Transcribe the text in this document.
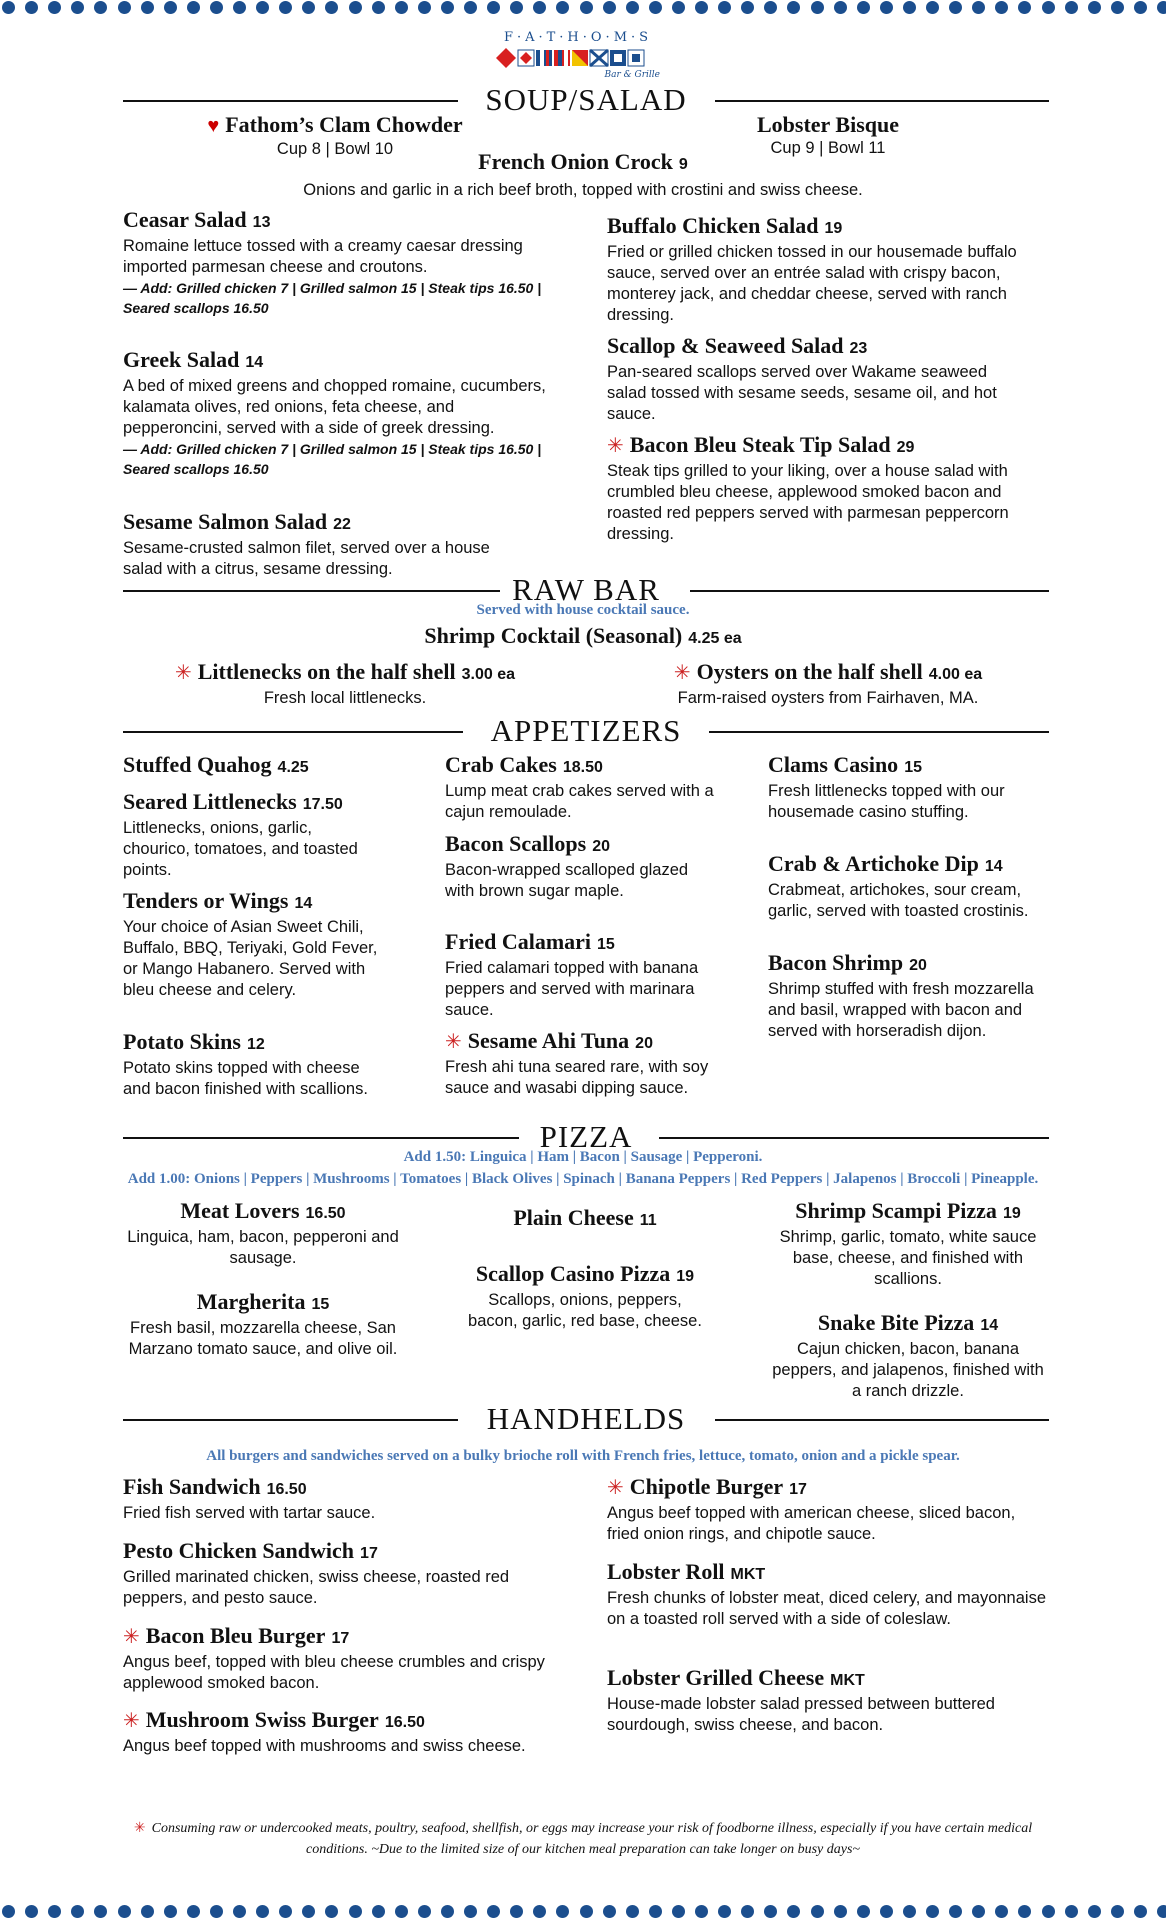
F·A·T·H·O·M·S
Bar & Grille
SOUP/SALAD
♥ Fathom’s Clam Chowder
Cup 8 | Bowl 10
Lobster Bisque
Cup 9 | Bowl 11
French Onion Crock 9
Onions and garlic in a rich beef broth, topped with crostini and swiss cheese.
Ceasar Salad 13
Romaine lettuce tossed with a creamy caesar dressing imported parmesan cheese and croutons.
— Add: Grilled chicken 7 | Grilled salmon 15 | Steak tips 16.50 | Seared scallops 16.50
Greek Salad 14
A bed of mixed greens and chopped romaine, cucumbers, kalamata olives, red onions, feta cheese, and pepperoncini, served with a side of greek dressing.
— Add: Grilled chicken 7 | Grilled salmon 15 | Steak tips 16.50 | Seared scallops 16.50
Sesame Salmon Salad 22
Sesame-crusted salmon filet, served over a house salad with a citrus, sesame dressing.
Buffalo Chicken Salad 19
Fried or grilled chicken tossed in our housemade buffalo sauce, served over an entrée salad with crispy bacon, monterey jack, and cheddar cheese, served with ranch dressing.
Scallop & Seaweed Salad 23
Pan-seared scallops served over Wakame seaweed salad tossed with sesame seeds, sesame oil, and hot sauce.
✳ Bacon Bleu Steak Tip Salad 29
Steak tips grilled to your liking, over a house salad with crumbled bleu cheese, applewood smoked bacon and roasted red peppers served with parmesan peppercorn dressing.
RAW BAR
Served with house cocktail sauce.
Shrimp Cocktail (Seasonal) 4.25 ea
✳ Littlenecks on the half shell 3.00 ea
Fresh local littlenecks.
✳ Oysters on the half shell 4.00 ea
Farm-raised oysters from Fairhaven, MA.
APPETIZERS
Stuffed Quahog 4.25
Seared Littlenecks 17.50
Littlenecks, onions, garlic, chourico, tomatoes, and toasted points.
Tenders or Wings 14
Your choice of Asian Sweet Chili, Buffalo, BBQ, Teriyaki, Gold Fever, or Mango Habanero. Served with bleu cheese and celery.
Potato Skins 12
Potato skins topped with cheese and bacon finished with scallions.
Crab Cakes 18.50
Lump meat crab cakes served with a cajun remoulade.
Bacon Scallops 20
Bacon-wrapped scalloped glazed with brown sugar maple.
Fried Calamari 15
Fried calamari topped with banana peppers and served with marinara sauce.
✳ Sesame Ahi Tuna 20
Fresh ahi tuna seared rare, with soy sauce and wasabi dipping sauce.
Clams Casino 15
Fresh littlenecks topped with our housemade casino stuffing.
Crab & Artichoke Dip 14
Crabmeat, artichokes, sour cream, garlic, served with toasted crostinis.
Bacon Shrimp 20
Shrimp stuffed with fresh mozzarella and basil, wrapped with bacon and served with horseradish dijon.
PIZZA
Add 1.50: Linguica | Ham | Bacon | Sausage | Pepperoni.
Add 1.00: Onions | Peppers | Mushrooms | Tomatoes | Black Olives | Spinach | Banana Peppers | Red Peppers | Jalapenos | Broccoli | Pineapple.
Meat Lovers 16.50
Linguica, ham, bacon, pepperoni and sausage.
Margherita 15
Fresh basil, mozzarella cheese, San Marzano tomato sauce, and olive oil.
Plain Cheese 11
Scallop Casino Pizza 19
Scallops, onions, peppers, bacon, garlic, red base, cheese.
Shrimp Scampi Pizza 19
Shrimp, garlic, tomato, white sauce base, cheese, and finished with scallions.
Snake Bite Pizza 14
Cajun chicken, bacon, banana peppers, and jalapenos, finished with a ranch drizzle.
HANDHELDS
All burgers and sandwiches served on a bulky brioche roll with French fries, lettuce, tomato, onion and a pickle spear.
Fish Sandwich 16.50
Fried fish served with tartar sauce.
Pesto Chicken Sandwich 17
Grilled marinated chicken, swiss cheese, roasted red peppers, and pesto sauce.
✳ Bacon Bleu Burger 17
Angus beef, topped with bleu cheese crumbles and crispy applewood smoked bacon.
✳ Mushroom Swiss Burger 16.50
Angus beef topped with mushrooms and swiss cheese.
✳ Chipotle Burger 17
Angus beef topped with american cheese, sliced bacon, fried onion rings, and chipotle sauce.
Lobster Roll MKT
Fresh chunks of lobster meat, diced celery, and mayonnaise on a toasted roll served with a side of coleslaw.
Lobster Grilled Cheese MKT
House-made lobster salad pressed between buttered sourdough, swiss cheese, and bacon.
✳ Consuming raw or undercooked meats, poultry, seafood, shellfish, or eggs may increase your risk of foodborne illness, especially if you have certain medical
conditions. ~Due to the limited size of our kitchen meal preparation can take longer on busy days~
